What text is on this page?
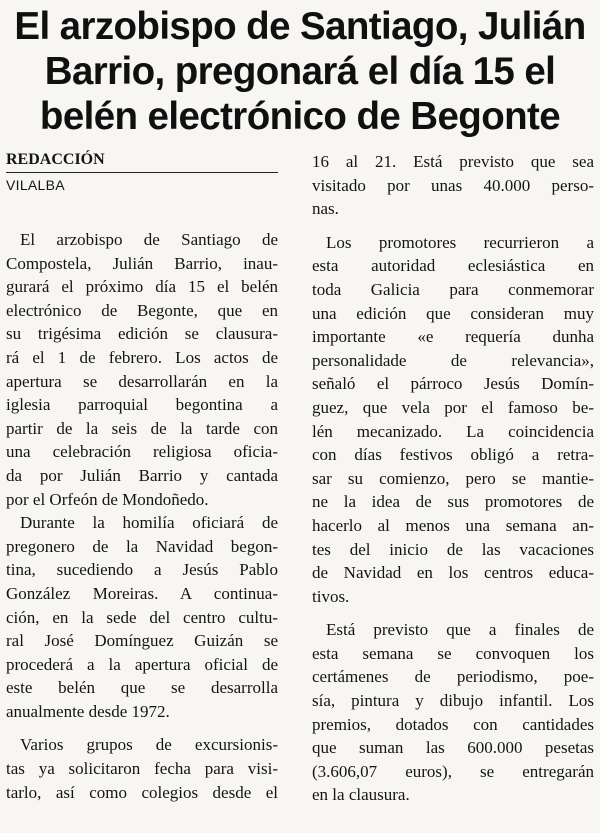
El arzobispo de Santiago, Julián
Barrio, pregonará el día 15 el
belén electrónico de Begonte
REDACCIÓN
VILALBA
El arzobispo de Santiago de
Compostela, Julián Barrio, inau-
gurará el próximo día 15 el belén
electrónico de Begonte, que en
su trigésima edición se clausura-
rá el 1 de febrero. Los actos de
apertura se desarrollarán en la
iglesia parroquial begontina a
partir de la seis de la tarde con
una celebración religiosa oficia-
da por Julián Barrio y cantada
por el Orfeón de Mondoñedo.
Durante la homilía oficiará de
pregonero de la Navidad begon-
tina, sucediendo a Jesús Pablo
González Moreiras. A continua-
ción, en la sede del centro cultu-
ral José Domínguez Guizán se
procederá a la apertura oficial de
este belén que se desarrolla
anualmente desde 1972.
Varios grupos de excursionis-
tas ya solicitaron fecha para visi-
tarlo, así como colegios desde el
16 al 21. Está previsto que sea
visitado por unas 40.000 perso-
nas.
Los promotores recurrieron a
esta autoridad eclesiástica en
toda Galicia para conmemorar
una edición que consideran muy
importante «e requería dunha
personalidade de relevancia»,
señaló el párroco Jesús Domín-
guez, que vela por el famoso be-
lén mecanizado. La coincidencia
con días festivos obligó a retra-
sar su comienzo, pero se mantie-
ne la idea de sus promotores de
hacerlo al menos una semana an-
tes del inicio de las vacaciones
de Navidad en los centros educa-
tivos.
Está previsto que a finales de
esta semana se convoquen los
certámenes de periodismo, poe-
sía, pintura y dibujo infantil. Los
premios, dotados con cantidades
que suman las 600.000 pesetas
(3.606,07 euros), se entregarán
en la clausura.
